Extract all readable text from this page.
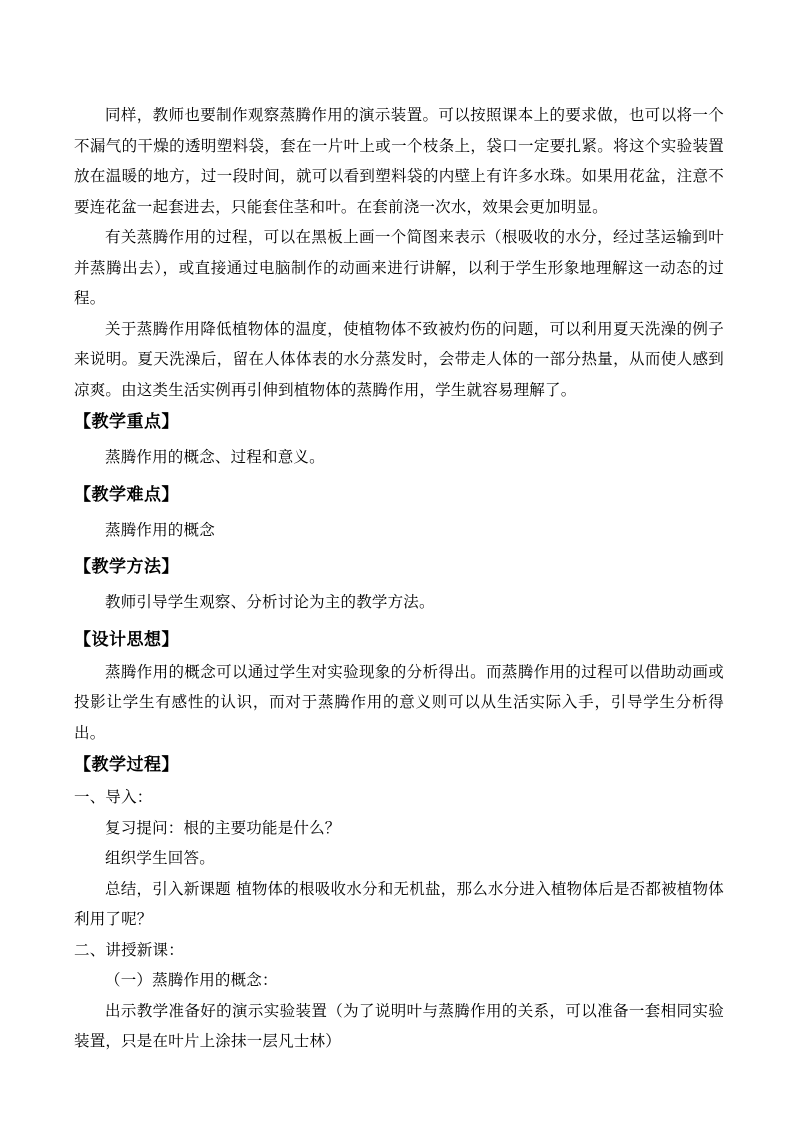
同样，教师也要制作观察蒸腾作用的演示装置。可以按照课本上的要求做，也可以将一个不漏气的干燥的透明塑料袋，套在一片叶上或一个枝条上，袋口一定要扎紧。将这个实验装置放在温暖的地方，过一段时间，就可以看到塑料袋的内壁上有许多水珠。如果用花盆，注意不要连花盆一起套进去，只能套住茎和叶。在套前浇一次水，效果会更加明显。

有关蒸腾作用的过程，可以在黑板上画一个简图来表示（根吸收的水分，经过茎运输到叶并蒸腾出去），或直接通过电脑制作的动画来进行讲解，以利于学生形象地理解这一动态的过程。

关于蒸腾作用降低植物体的温度，使植物体不致被灼伤的问题，可以利用夏天洗澡的例子来说明。夏天洗澡后，留在人体体表的水分蒸发时，会带走人体的一部分热量，从而使人感到凉爽。由这类生活实例再引伸到植物体的蒸腾作用，学生就容易理解了。

【教学重点】

蒸腾作用的概念、过程和意义。

【教学难点】

蒸腾作用的概念

【教学方法】

教师引导学生观察、分析讨论为主的教学方法。

【设计思想】

蒸腾作用的概念可以通过学生对实验现象的分析得出。而蒸腾作用的过程可以借助动画或投影让学生有感性的认识，而对于蒸腾作用的意义则可以从生活实际入手，引导学生分析得出。

【教学过程】

一、导入：

复习提问：根的主要功能是什么？

组织学生回答。

总结，引入新课题 植物体的根吸收水分和无机盐，那么水分进入植物体后是否都被植物体利用了呢？

二、讲授新课：

（一）蒸腾作用的概念：

出示教学准备好的演示实验装置（为了说明叶与蒸腾作用的关系，可以准备一套相同实验装置，只是在叶片上涂抹一层凡士林）
